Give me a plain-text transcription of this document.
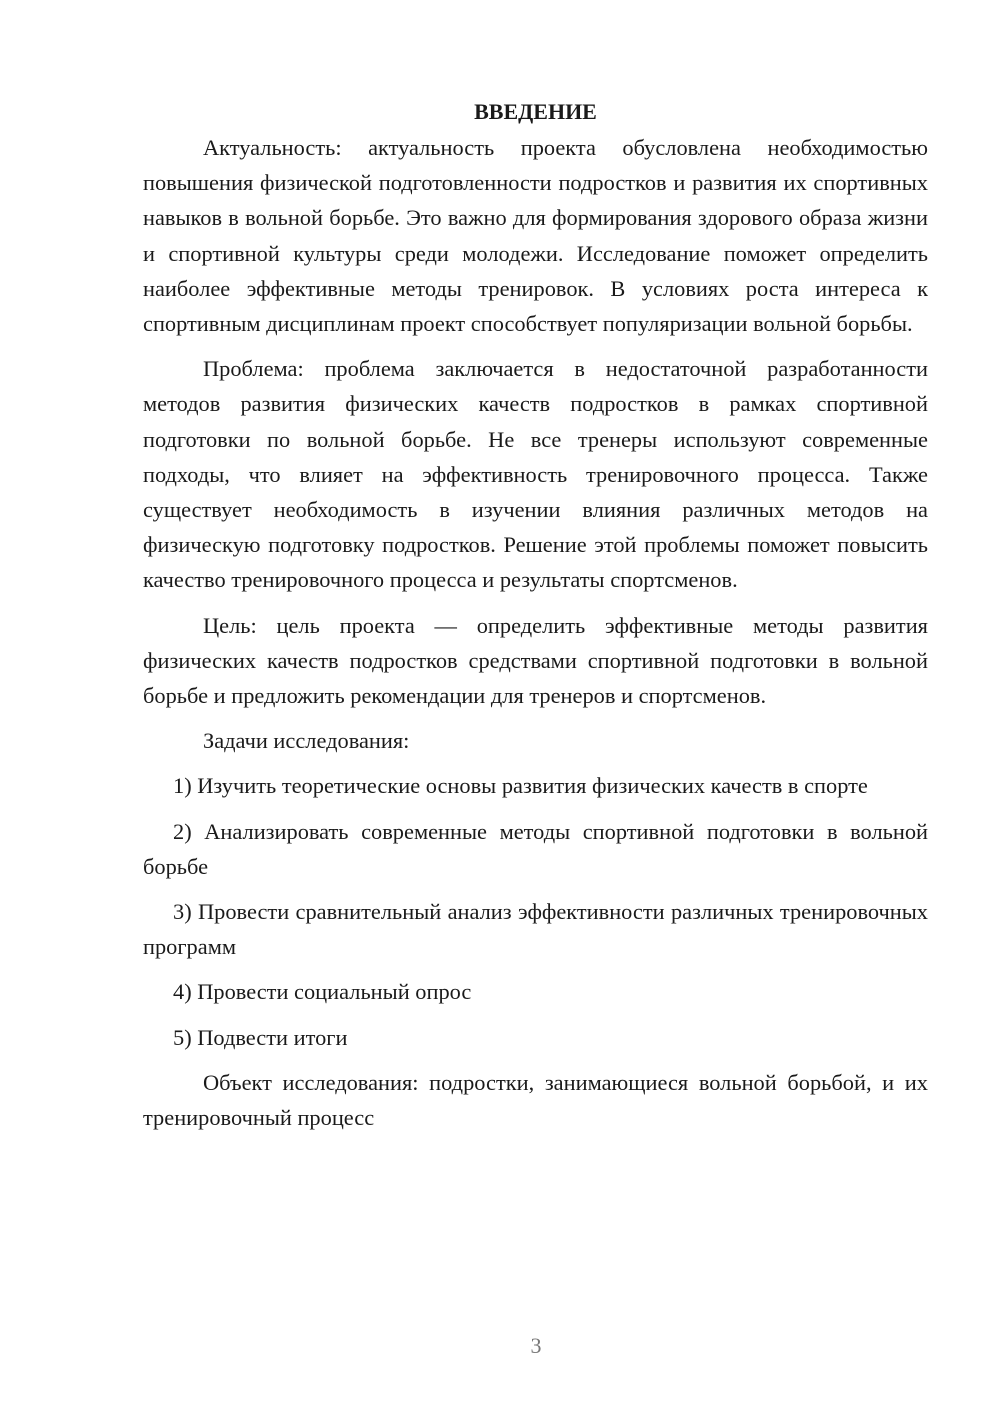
ВВЕДЕНИЕ

Актуальность: актуальность проекта обусловлена необходимостью повышения физической подготовленности подростков и развития их спортивных навыков в вольной борьбе. Это важно для формирования здорового образа жизни и спортивной культуры среди молодежи. Исследование поможет определить наиболее эффективные методы тренировок. В условиях роста интереса к спортивным дисциплинам проект способствует популяризации вольной борьбы.

Проблема: проблема заключается в недостаточной разработанности методов развития физических качеств подростков в рамках спортивной подготовки по вольной борьбе. Не все тренеры используют современные подходы, что влияет на эффективность тренировочного процесса. Также существует необходимость в изучении влияния различных методов на физическую подготовку подростков. Решение этой проблемы поможет повысить качество тренировочного процесса и результаты спортсменов.

Цель: цель проекта — определить эффективные методы развития физических качеств подростков средствами спортивной подготовки в вольной борьбе и предложить рекомендации для тренеров и спортсменов.

Задачи исследования:

1) Изучить теоретические основы развития физических качеств в спорте

2) Анализировать современные методы спортивной подготовки в вольной борьбе

3) Провести сравнительный анализ эффективности различных тренировочных программ

4) Провести социальный опрос

5) Подвести итоги

Объект исследования: подростки, занимающиеся вольной борьбой, и их тренировочный процесс

3
